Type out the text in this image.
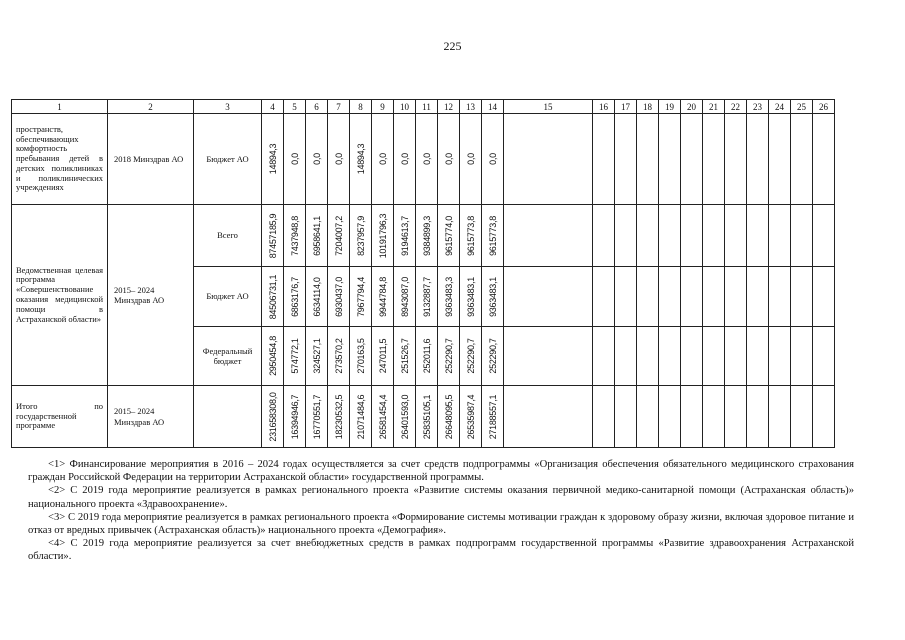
225
1	2	3	4	5	6	7	8	9	10	11	12	13	14	15	16	17	18	19	20	21	22	23	24	25	26
пространств, обеспечивающих комфортность пребывания детей в детских поликлиниках и поликлинических учреждениях	2018 Минздрав АО	Бюджет АО	14894,3	0,0	0,0	0,0	14894,3	0,0	0,0	0,0	0,0	0,0	0,0												

Ведомственная целевая программа «Совершенствование оказания медицинской помощи в Астраханской области»	2015– 2024 Минздрав АО	Всего	87457185,9	7437948,8	6958641,1	7204007,2	8237957,9	10191796,3	9194613,7	9384899,3	9615774,0	9615773,8	9615773,8												

		Бюджет АО	84506731,1	6863176,7	6634114,0	6930437,0	7967794,4	9944784,8	8943087,0	9132887,7	9363483,3	9363483,1	9363483,1												

		Федеральный бюджет	2950454,8	574772,1	324527,1	273570,2	270163,5	247011,5	251526,7	252011,6	252290,7	252290,7	252290,7												

Итого по государственной программе	2015– 2024 Минздрав АО		231658308,0	16394946,7	16770551,7	18230532,5	21071484,6	26581454,4	26401593,0	25835105,1	26648095,5	26535987,4	27188557,1												

<1> Финансирование мероприятия в 2016 – 2024 годах осуществляется за счет средств подпрограммы «Организация обеспечения обязательного медицинского страхования граждан Российской Федерации на территории Астраханской области» государственной программы.

<2> С 2019 года мероприятие реализуется в рамках регионального проекта «Развитие системы оказания первичной медико-санитарной помощи (Астраханская область)» национального проекта «Здравоохранение».

<3> С 2019 года мероприятие реализуется в рамках регионального проекта «Формирование системы мотивации граждан к здоровому образу жизни, включая здоровое питание и отказ от вредных привычек (Астраханская область)» национального проекта «Демография».

<4> С 2019 года мероприятие реализуется за счет внебюджетных средств в рамках подпрограмм государственной программы «Развитие здравоохранения Астраханской области».
